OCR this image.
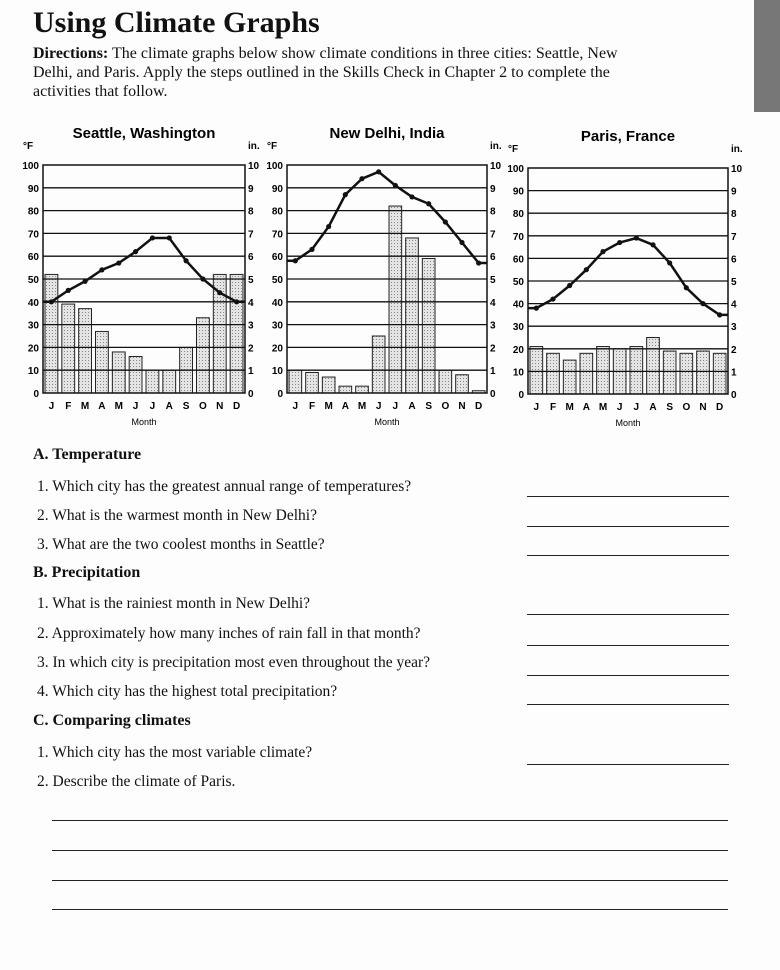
Using Climate Graphs
Directions: The climate graphs below show climate conditions in three cities: Seattle, New Delhi, and Paris. Apply the steps outlined in the Skills Check in Chapter 2 to complete the activities that follow.
Seattle, Washington
°F	in.
0	0
10	1
20	2
30	3
40	4
50	5
60	6
70	7
80	8
90	9
100	10
J F M A M J J A S O N D
Month
New Delhi, India
°F	in.
0	0
10	1
20	2
30	3
40	4
50	5
60	6
70	7
80	8
90	9
100	10
J F M A M J J A S O N D
Month
Paris, France
°F	in.
0	0
10	1
20	2
30	3
40	4
50	5
60	6
70	7
80	8
90	9
100	10
J F M A M J J A S O N D
Month
A. Temperature
1. Which city has the greatest annual range of temperatures?
2. What is the warmest month in New Delhi?
3. What are the two coolest months in Seattle?
B. Precipitation
1. What is the rainiest month in New Delhi?
2. Approximately how many inches of rain fall in that month?
3. In which city is precipitation most even throughout the year?
4. Which city has the highest total precipitation?
C. Comparing climates
1. Which city has the most variable climate?
2. Describe the climate of Paris.
